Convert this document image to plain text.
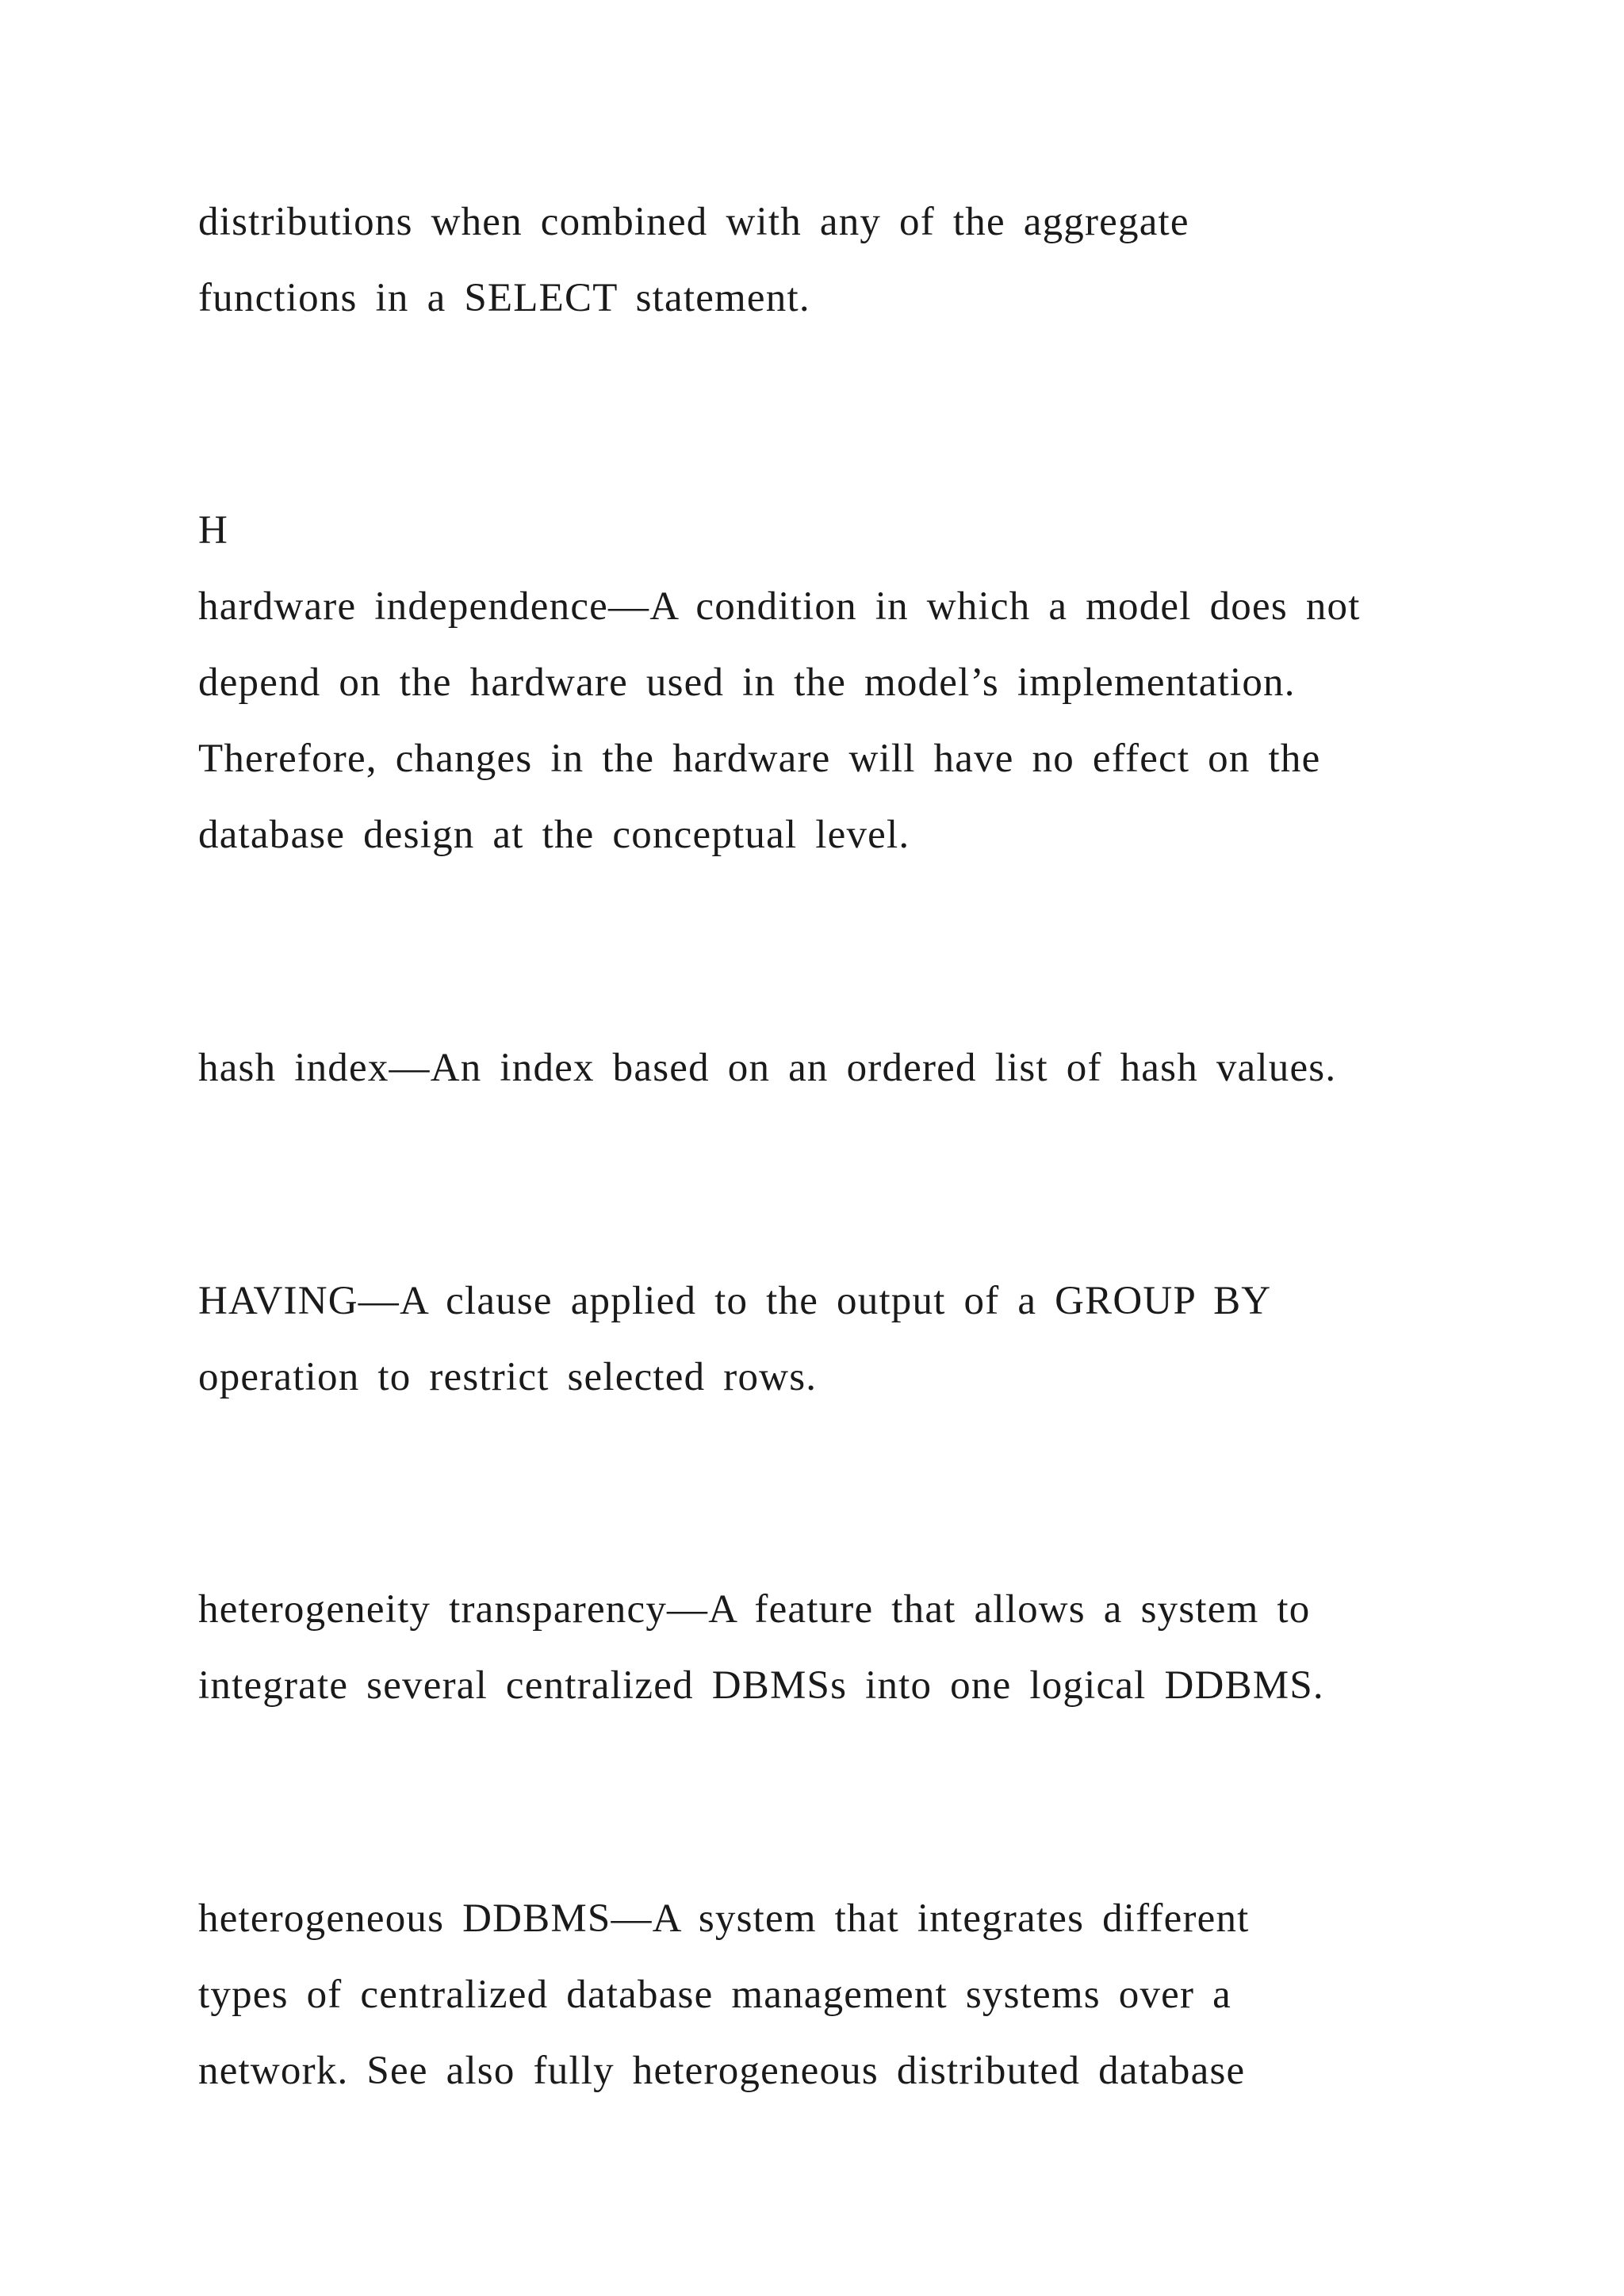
distributions when combined with any of the aggregate

functions in a SELECT statement.

H

hardware independence—A condition in which a model does not

depend on the hardware used in the model’s implementation.

Therefore, changes in the hardware will have no effect on the

database design at the conceptual level.

hash index—An index based on an ordered list of hash values.

HAVING—A clause applied to the output of a GROUP BY

operation to restrict selected rows.

heterogeneity transparency—A feature that allows a system to

integrate several centralized DBMSs into one logical DDBMS.

heterogeneous DDBMS—A system that integrates different

types of centralized database management systems over a

network. See also fully heterogeneous distributed database
